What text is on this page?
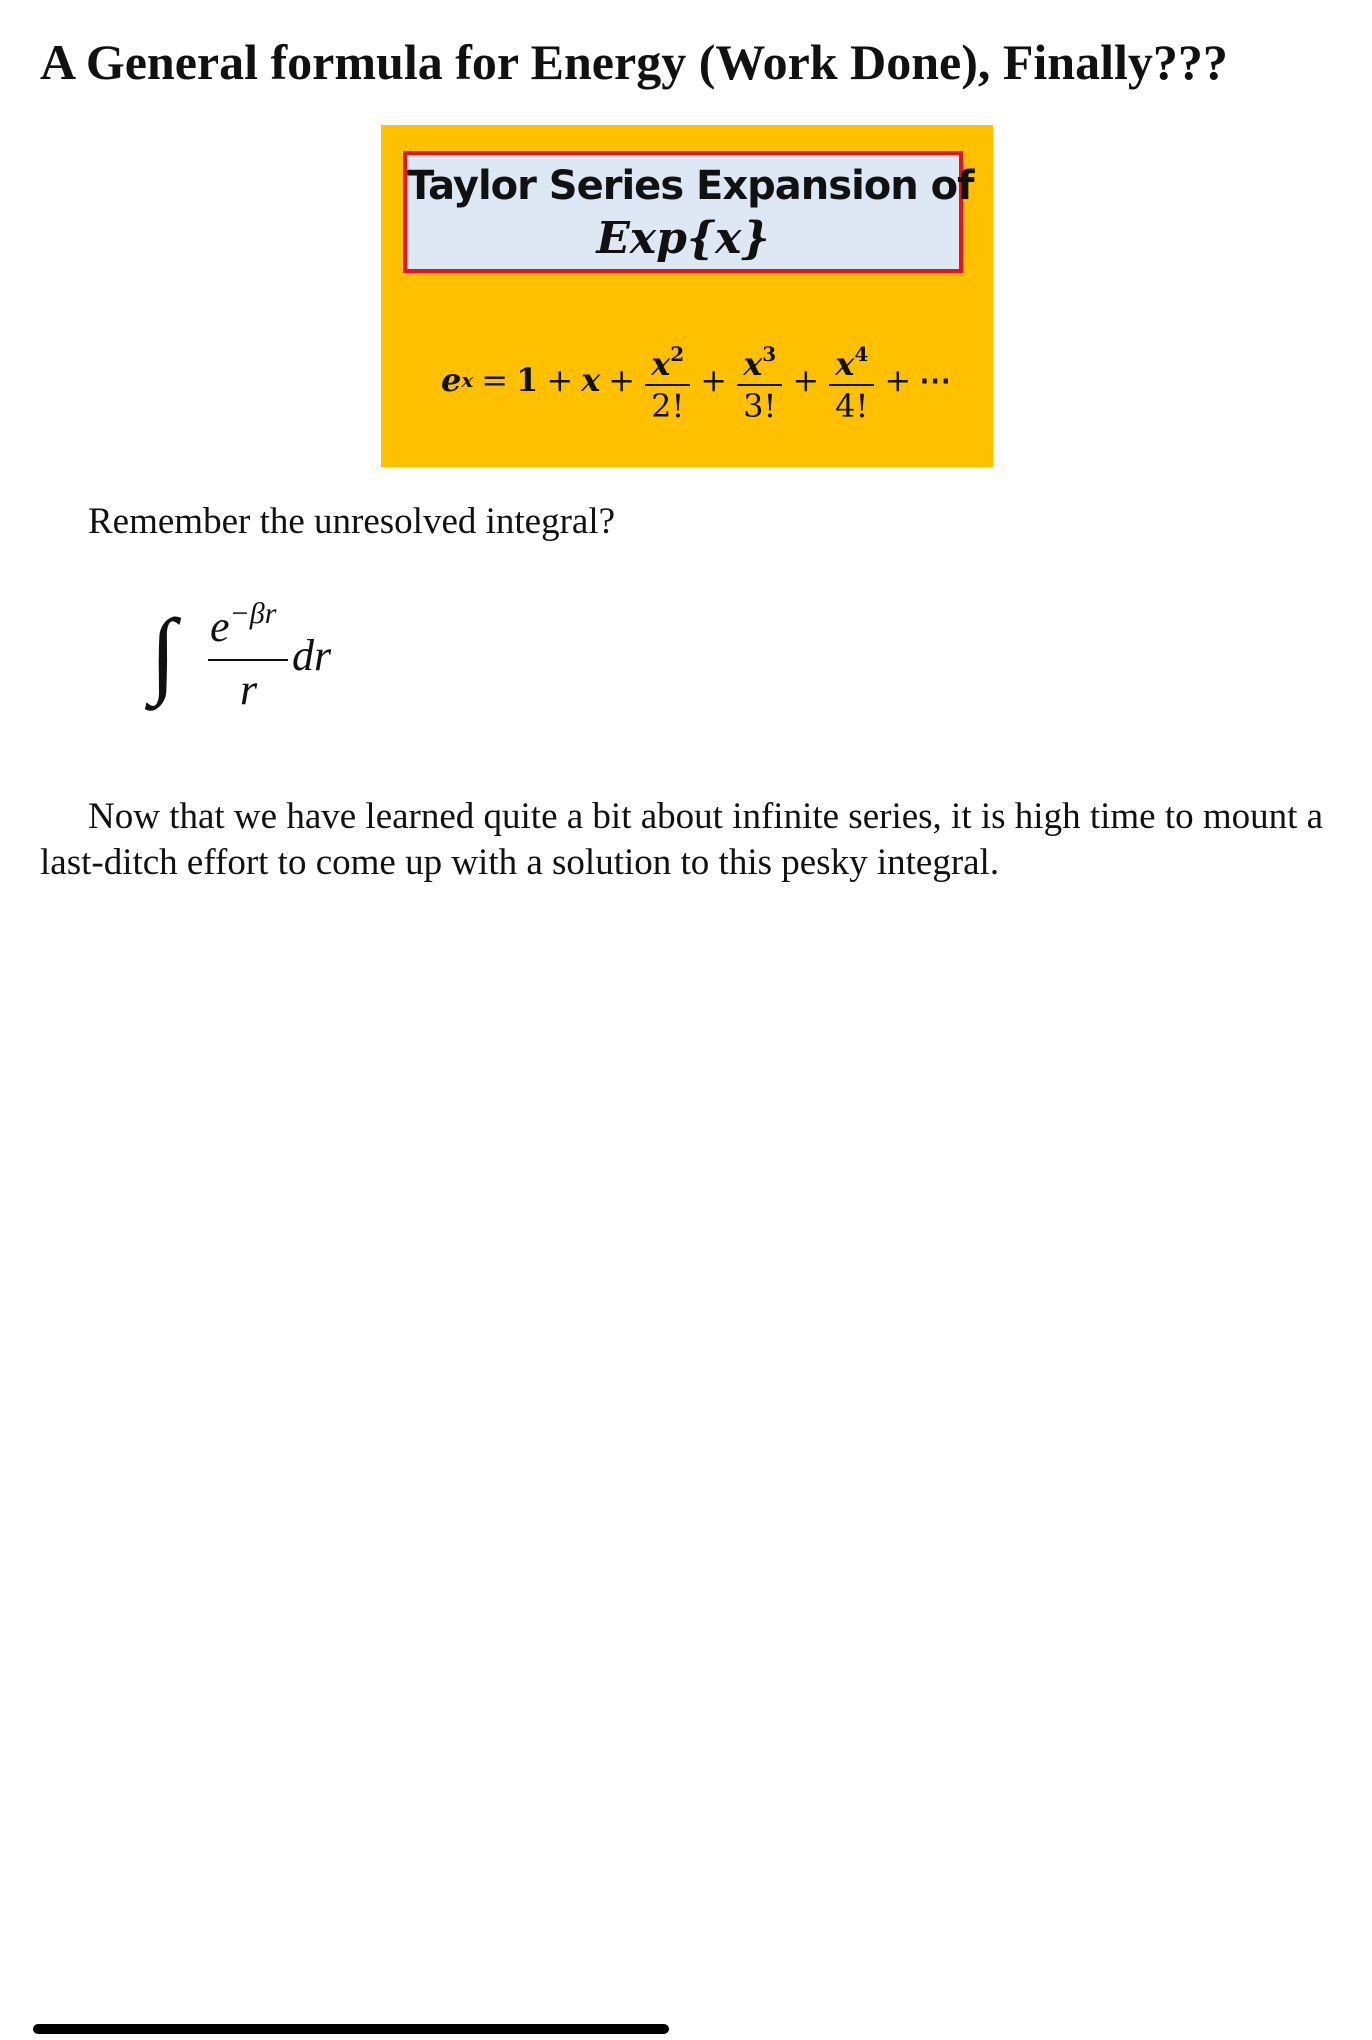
A General formula for Energy (Work Done), Finally???
Taylor Series Expansion of
Exp{x}
e $x = 1 + x + \frac{x^2}{2!} + \frac{x^3}{3!} + \frac{x^4}{4!}$ + ⋯

Remember the unresolved integral?

∫ $e^{-\beta r}$
dr
r

Now that we have learned quite a bit about infinite series, it is high time to mount a last-ditch effort to come up with a solution to this pesky integral.
